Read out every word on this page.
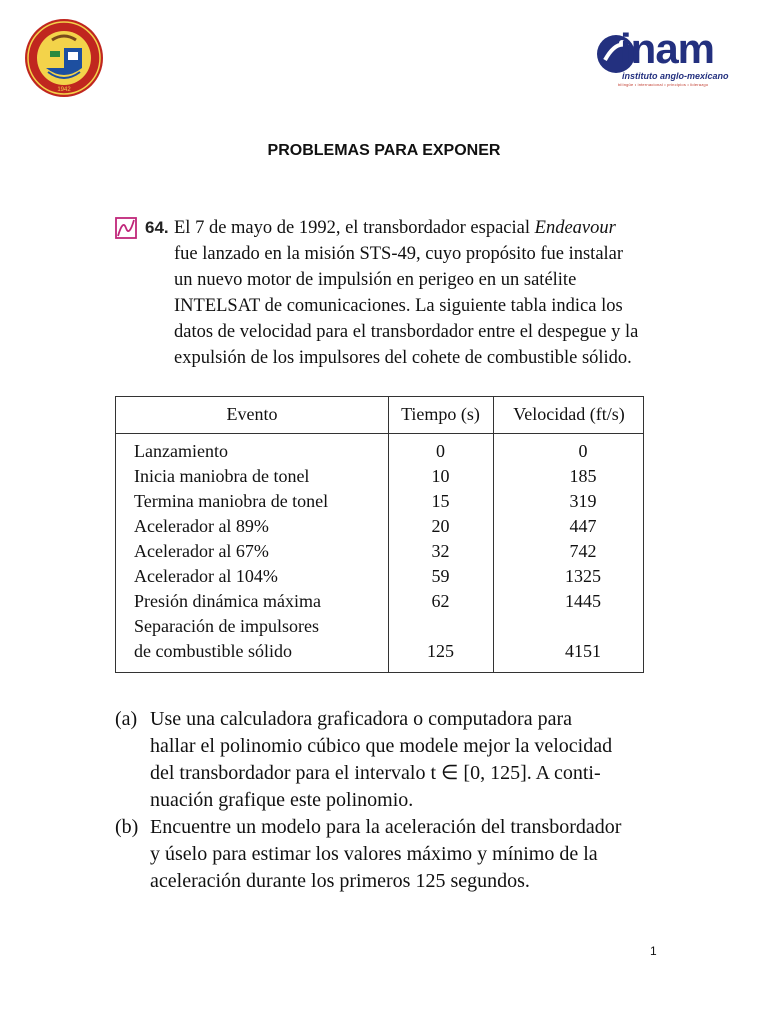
1942
inam
instituto anglo-mexicano
bilingüe • internacional • principios • liderazgo
PROBLEMAS PARA EXPONER
64. El 7 de mayo de 1992, el transbordador espacial Endeavour
fue lanzado en la misión STS-49, cuyo propósito fue instalar
un nuevo motor de impulsión en perigeo en un satélite
INTELSAT de comunicaciones. La siguiente tabla indica los
datos de velocidad para el transbordador entre el despegue y la
expulsión de los impulsores del cohete de combustible sólido.
Evento	Tiempo (s)	Velocidad (ft/s)
Lanzamiento	0	0
Inicia maniobra de tonel	10	185
Termina maniobra de tonel	15	319
Acelerador al 89%	20	447
Acelerador al 67%	32	742
Acelerador al 104%	59	1325
Presión dinámica máxima	62	1445
Separación de impulsores
de combustible sólido	125	4151
(a) Use una calculadora graficadora o computadora para
hallar el polinomio cúbico que modele mejor la velocidad
del transbordador para el intervalo t ∈ [0, 125]. A conti-
nuación grafique este polinomio.
(b) Encuentre un modelo para la aceleración del transbordador
y úselo para estimar los valores máximo y mínimo de la
aceleración durante los primeros 125 segundos.
1
